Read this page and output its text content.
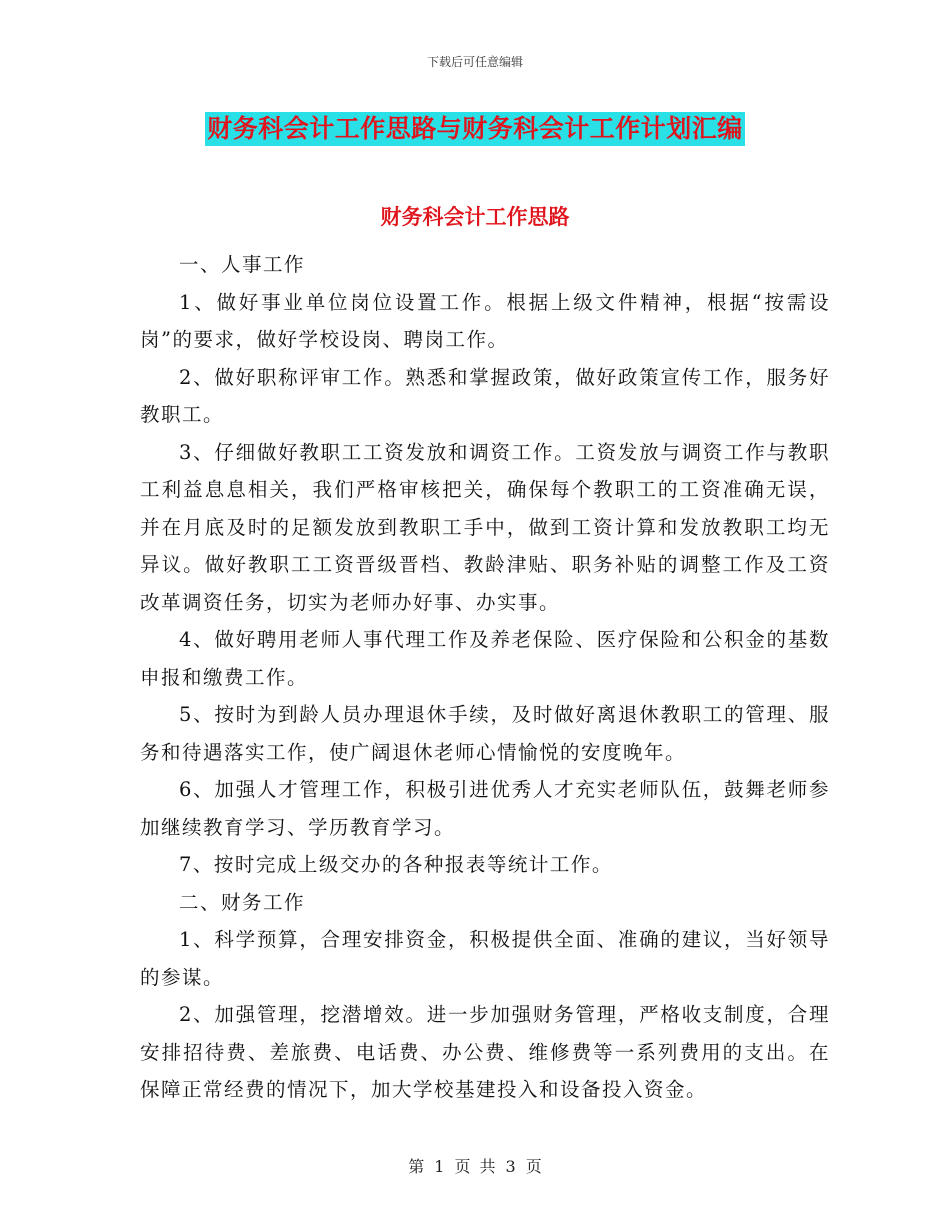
下载后可任意编辑
财务科会计工作思路与财务科会计工作计划汇编
财务科会计工作思路

一、人事工作

1、做好事业单位岗位设置工作。根据上级文件精神，根据“按需设岗”的要求，做好学校设岗、聘岗工作。

2、做好职称评审工作。熟悉和掌握政策，做好政策宣传工作，服务好教职工。

3、仔细做好教职工工资发放和调资工作。工资发放与调资工作与教职工利益息息相关，我们严格审核把关，确保每个教职工的工资准确无误，并在月底及时的足额发放到教职工手中，做到工资计算和发放教职工均无异议。做好教职工工资晋级晋档、教龄津贴、职务补贴的调整工作及工资改革调资任务，切实为老师办好事、办实事。

4、做好聘用老师人事代理工作及养老保险、医疗保险和公积金的基数申报和缴费工作。

5、按时为到龄人员办理退休手续，及时做好离退休教职工的管理、服务和待遇落实工作，使广阔退休老师心情愉悦的安度晚年。

6、加强人才管理工作，积极引进优秀人才充实老师队伍，鼓舞老师参加继续教育学习、学历教育学习。

7、按时完成上级交办的各种报表等统计工作。

二、财务工作

1、科学预算，合理安排资金，积极提供全面、准确的建议，当好领导的参谋。

2、加强管理，挖潜增效。进一步加强财务管理，严格收支制度，合理安排招待费、差旅费、电话费、办公费、维修费等一系列费用的支出。在保障正常经费的情况下，加大学校基建投入和设备投入资金。

第 1 页 共 3 页
